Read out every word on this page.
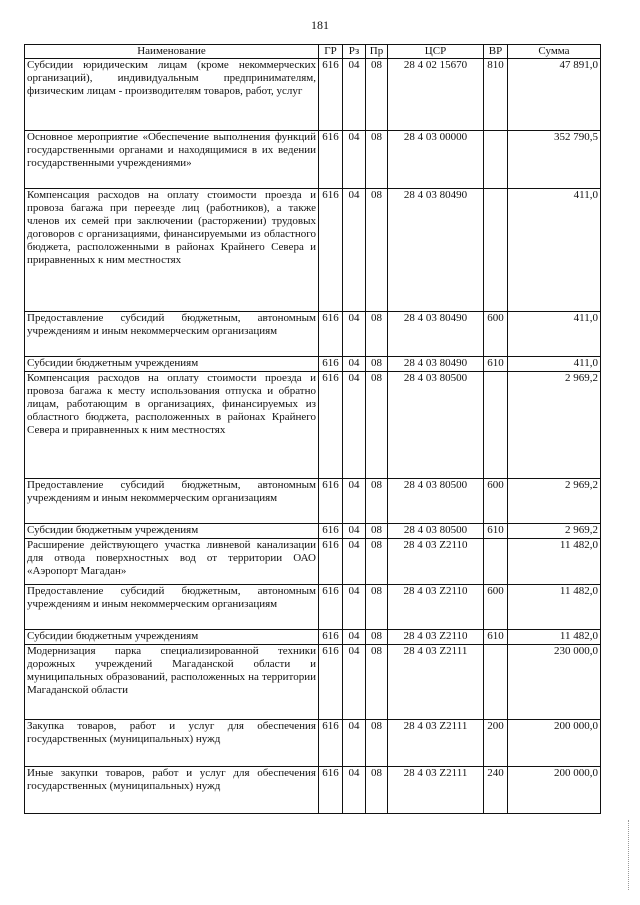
181
Наименование	ГР	Рз	Пр	ЦСР	ВР	Сумма
Субсидии юридическим лицам (кроме некоммерческих организаций), индивидуальным предпринимателям, физическим лицам - производителям товаров, работ, услуг	616	04	08	28 4 02 15670	810	47 891,0
Основное мероприятие «Обеспечение выполнения функций государственными органами и находящимися в их ведении государственными учреждениями»	616	04	08	28 4 03 00000		352 790,5
Компенсация расходов на оплату стоимости проезда и провоза багажа при переезде лиц (работников), а также членов их семей при заключении (расторжении) трудовых договоров с организациями, финансируемыми из областного бюджета, расположенными в районах Крайнего Севера и приравненных к ним местностях	616	04	08	28 4 03 80490		411,0
Предоставление субсидий бюджетным, автономным учреждениям и иным некоммерческим организациям	616	04	08	28 4 03 80490	600	411,0
Субсидии бюджетным учреждениям	616	04	08	28 4 03 80490	610	411,0
Компенсация расходов на оплату стоимости проезда и провоза багажа к месту использования отпуска и обратно лицам, работающим в организациях, финансируемых из областного бюджета, расположенных в районах Крайнего Севера и приравненных к ним местностях	616	04	08	28 4 03 80500		2 969,2
Предоставление субсидий бюджетным, автономным учреждениям и иным некоммерческим организациям	616	04	08	28 4 03 80500	600	2 969,2
Субсидии бюджетным учреждениям	616	04	08	28 4 03 80500	610	2 969,2
Расширение действующего участка ливневой канализации для отвода поверхностных вод от территории ОАО «Аэропорт Магадан»	616	04	08	28 4 03 Z2110		11 482,0
Предоставление субсидий бюджетным, автономным учреждениям и иным некоммерческим организациям	616	04	08	28 4 03 Z2110	600	11 482,0
Субсидии бюджетным учреждениям	616	04	08	28 4 03 Z2110	610	11 482,0
Модернизация парка специализированной техники дорожных учреждений Магаданской области и муниципальных образований, расположенных на территории Магаданской области	616	04	08	28 4 03 Z2111		230 000,0
Закупка товаров, работ и услуг для обеспечения государственных (муниципальных) нужд	616	04	08	28 4 03 Z2111	200	200 000,0
Иные закупки товаров, работ и услуг для обеспечения государственных (муниципальных) нужд	616	04	08	28 4 03 Z2111	240	200 000,0
